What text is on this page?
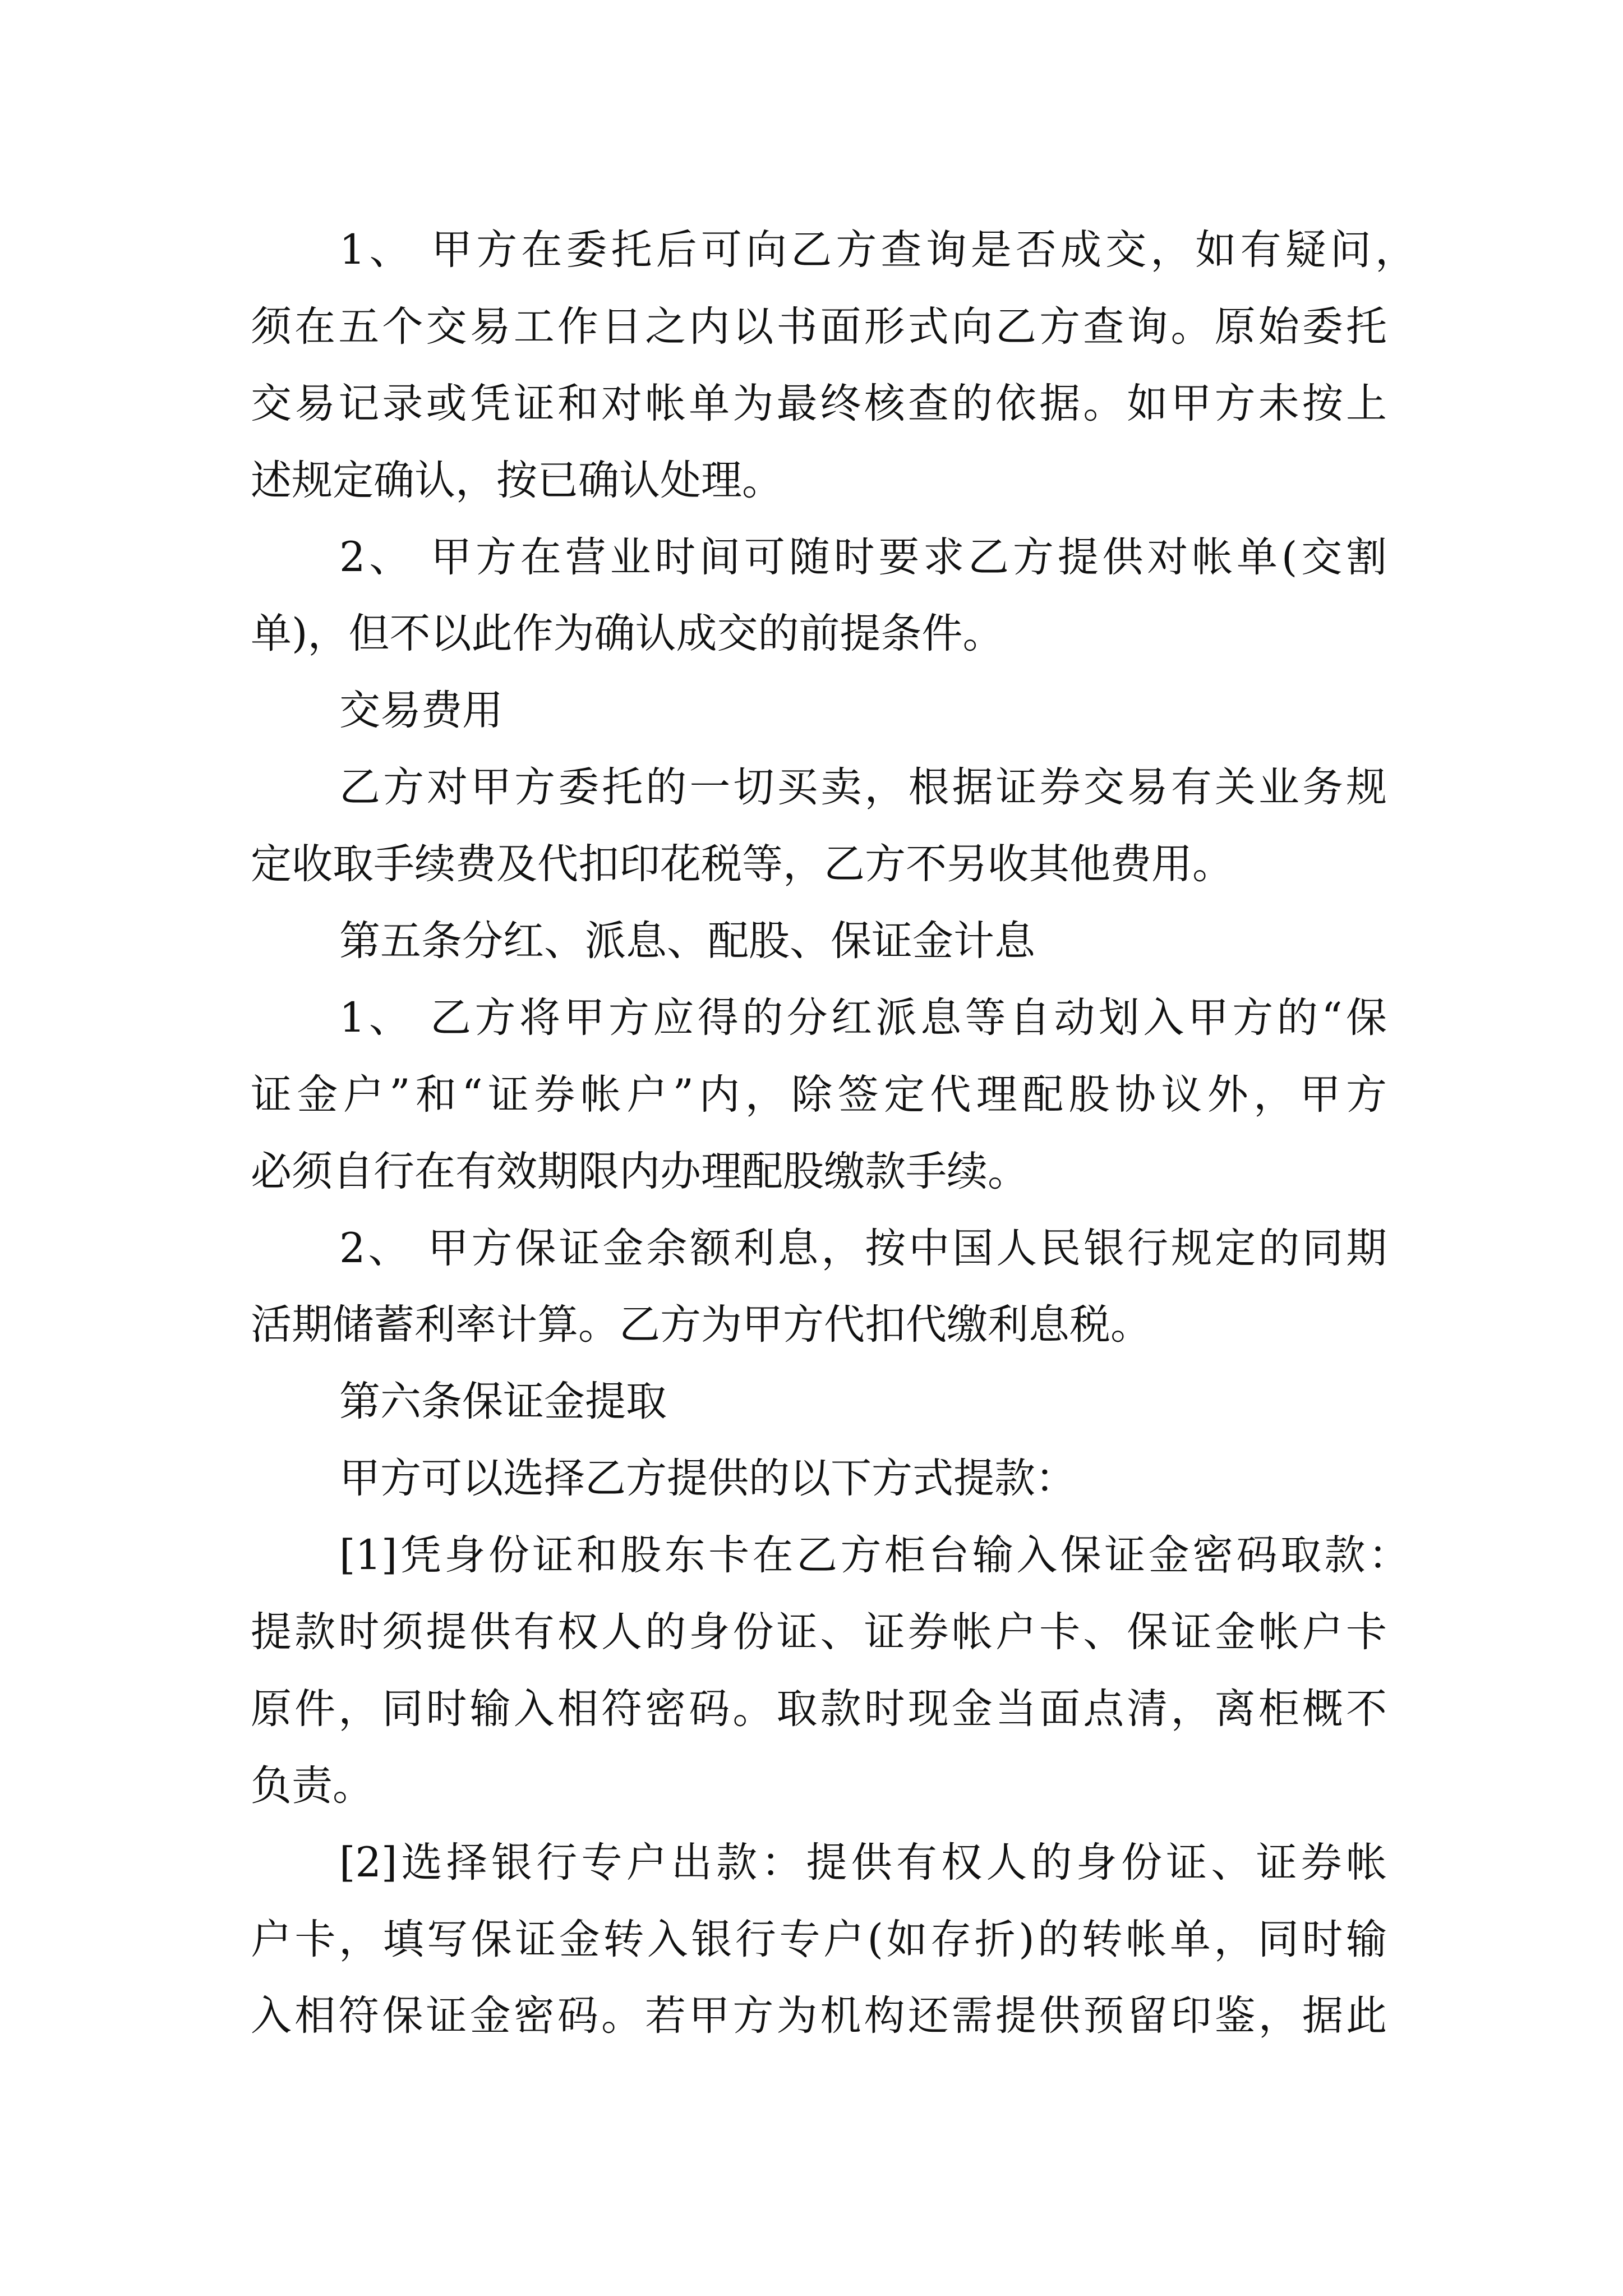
1、 甲方在委托后可向乙方查询是否成交，如有疑问，
须在五个交易工作日之内以书面形式向乙方查询。原始委托
交易记录或凭证和对帐单为最终核查的依据。如甲方未按上
述规定确认，按已确认处理。
2、 甲方在营业时间可随时要求乙方提供对帐单(交割
单)，但不以此作为确认成交的前提条件。
交易费用
乙方对甲方委托的一切买卖，根据证券交易有关业务规
定收取手续费及代扣印花税等，乙方不另收其他费用。
第五条分红、派息、配股、保证金计息
1、 乙方将甲方应得的分红派息等自动划入甲方的“保
证金户”和“证券帐户”内，除签定代理配股协议外，甲方
必须自行在有效期限内办理配股缴款手续。
2、 甲方保证金余额利息，按中国人民银行规定的同期
活期储蓄利率计算。乙方为甲方代扣代缴利息税。
第六条保证金提取
甲方可以选择乙方提供的以下方式提款：
[1]凭身份证和股东卡在乙方柜台输入保证金密码取款：
提款时须提供有权人的身份证、证券帐户卡、保证金帐户卡
原件，同时输入相符密码。取款时现金当面点清，离柜概不
负责。
[2]选择银行专户出款：提供有权人的身份证、证券帐
户卡，填写保证金转入银行专户(如存折)的转帐单，同时输
入相符保证金密码。若甲方为机构还需提供预留印鉴，据此
